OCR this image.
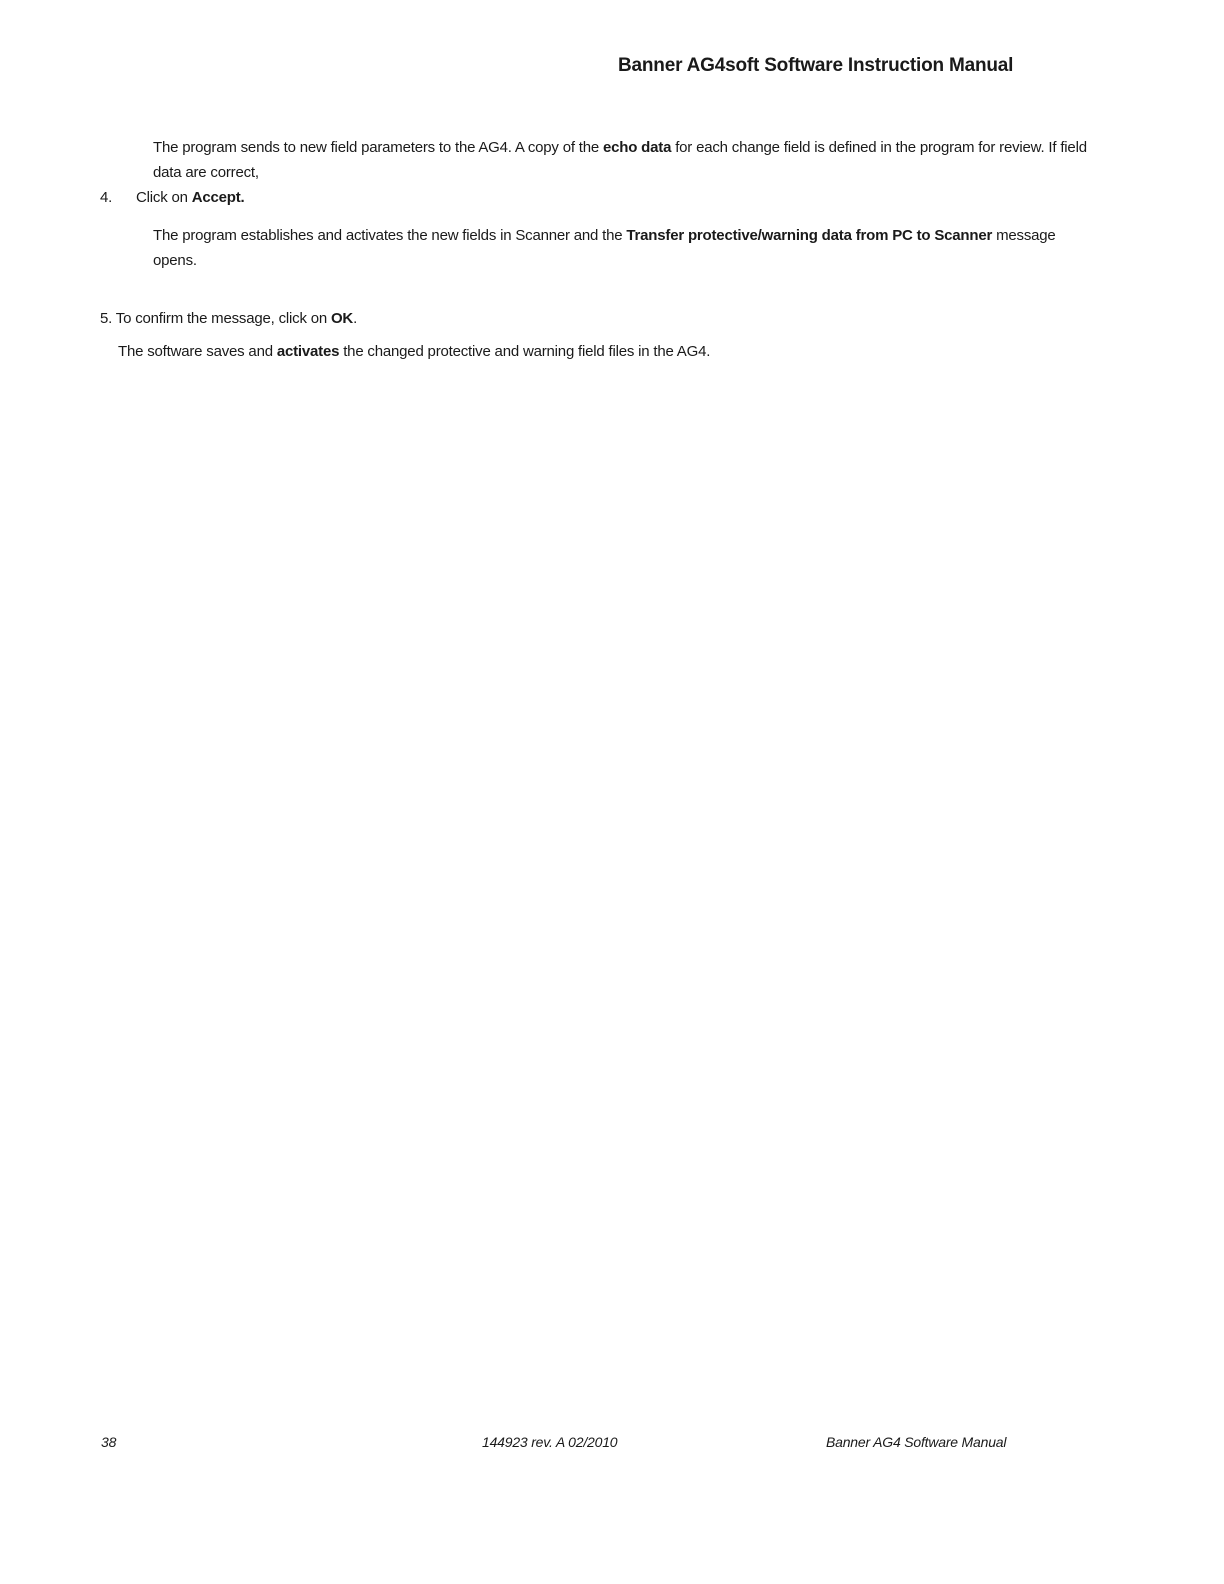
Banner AG4soft Software Instruction Manual
The program sends to new field parameters to the AG4. A copy of the echo data for each change field is defined in the program for review. If field data are correct,
4. Click on Accept.
The program establishes and activates the new fields in Scanner and the Transfer protective/warning data from PC to Scanner message opens.
5. To confirm the message, click on OK.
The software saves and activates the changed protective and warning field files in the AG4.
38	144923 rev. A 02/2010	Banner AG4 Software Manual
